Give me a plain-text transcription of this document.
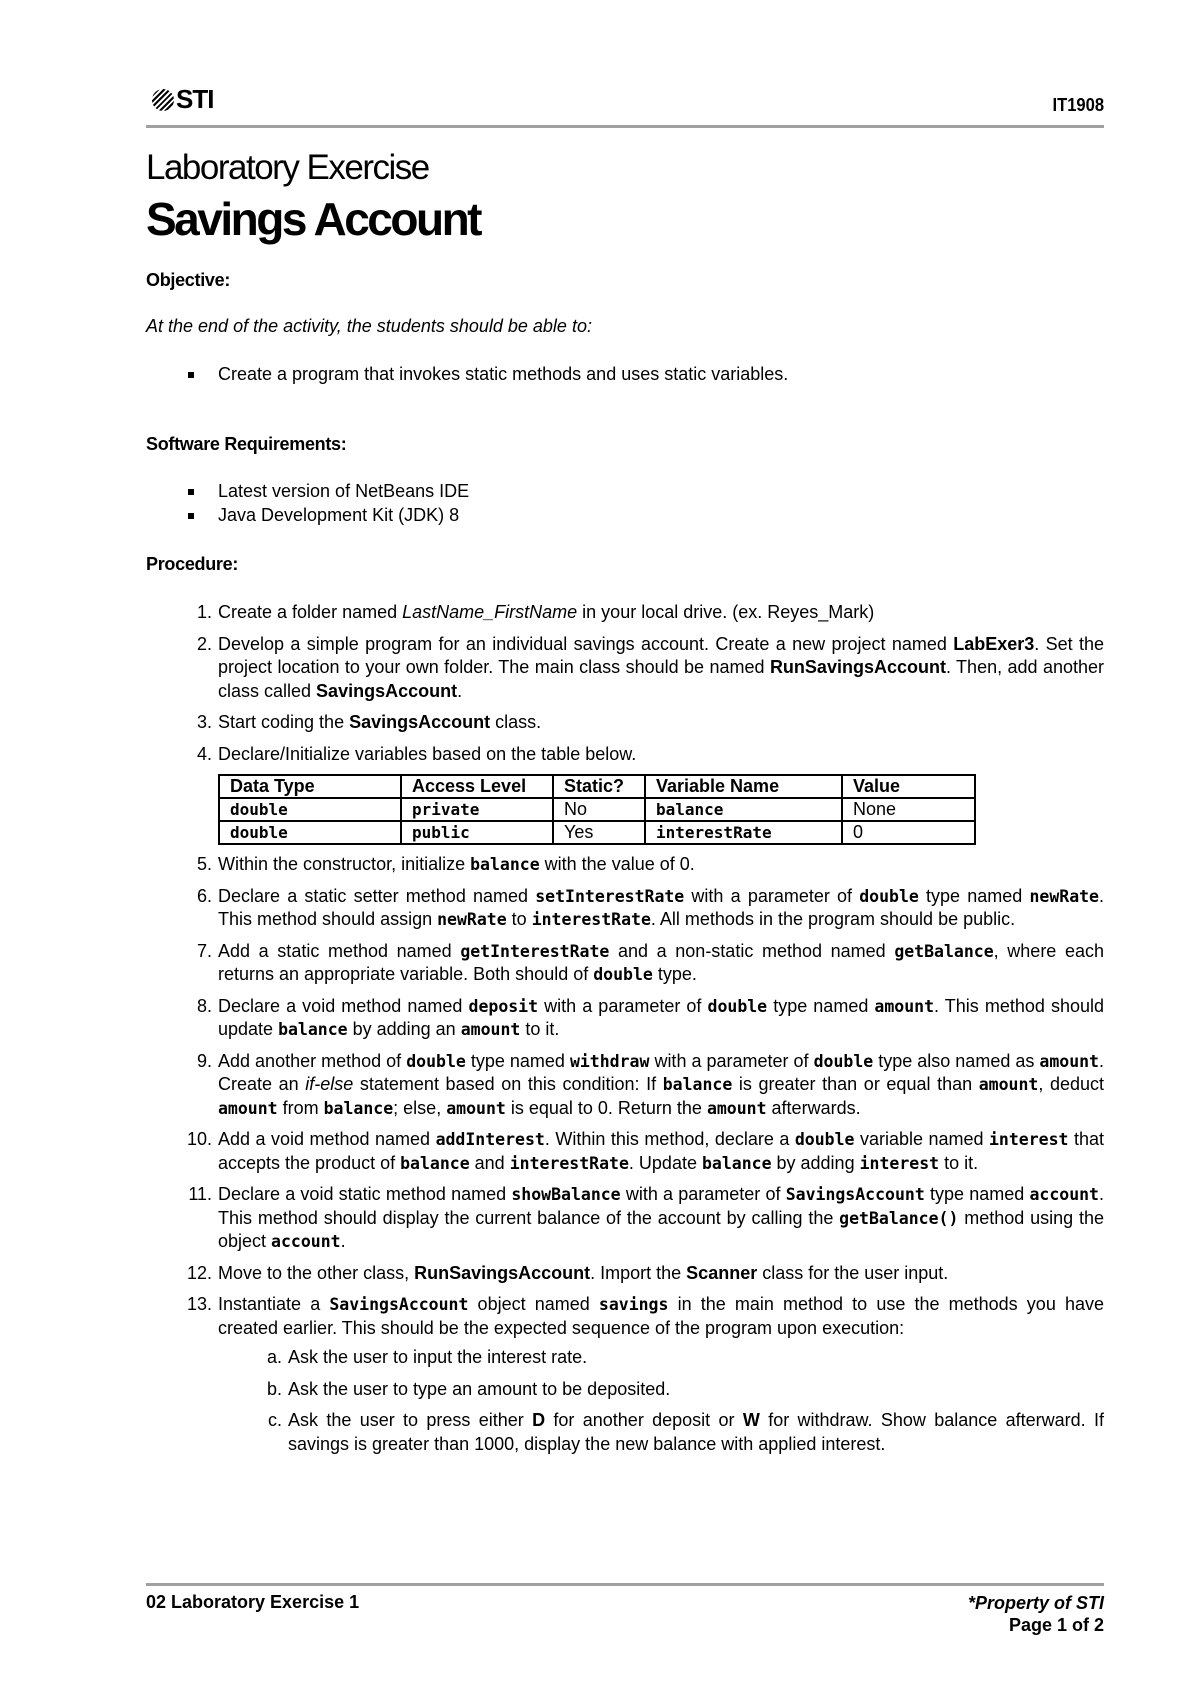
STI	IT1908
Laboratory Exercise
Savings Account
Objective:
At the end of the activity, the students should be able to:
Create a program that invokes static methods and uses static variables.
Software Requirements:
Latest version of NetBeans IDE
Java Development Kit (JDK) 8
Procedure:
1. Create a folder named LastName_FirstName in your local drive. (ex. Reyes_Mark)
2. Develop a simple program for an individual savings account. Create a new project named LabExer3. Set the project location to your own folder. The main class should be named RunSavingsAccount. Then, add another class called SavingsAccount.
3. Start coding the SavingsAccount class.
4. Declare/Initialize variables based on the table below.
Data Type	Access Level	Static?	Variable Name	Value
double	private	No	balance	None
double	public	Yes	interestRate	0
5. Within the constructor, initialize balance with the value of 0.
6. Declare a static setter method named setInterestRate with a parameter of double type named newRate. This method should assign newRate to interestRate. All methods in the program should be public.
7. Add a static method named getInterestRate and a non-static method named getBalance, where each returns an appropriate variable. Both should of double type.
8. Declare a void method named deposit with a parameter of double type named amount. This method should update balance by adding an amount to it.
9. Add another method of double type named withdraw with a parameter of double type also named as amount. Create an if-else statement based on this condition: If balance is greater than or equal than amount, deduct amount from balance; else, amount is equal to 0. Return the amount afterwards.
10. Add a void method named addInterest. Within this method, declare a double variable named interest that accepts the product of balance and interestRate. Update balance by adding interest to it.
11. Declare a void static method named showBalance with a parameter of SavingsAccount type named account. This method should display the current balance of the account by calling the getBalance() method using the object account.
12. Move to the other class, RunSavingsAccount. Import the Scanner class for the user input.
13. Instantiate a SavingsAccount object named savings in the main method to use the methods you have created earlier. This should be the expected sequence of the program upon execution:
a. Ask the user to input the interest rate.
b. Ask the user to type an amount to be deposited.
c. Ask the user to press either D for another deposit or W for withdraw. Show balance afterward. If savings is greater than 1000, display the new balance with applied interest.
02 Laboratory Exercise 1	*Property of STI
Page 1 of 2
